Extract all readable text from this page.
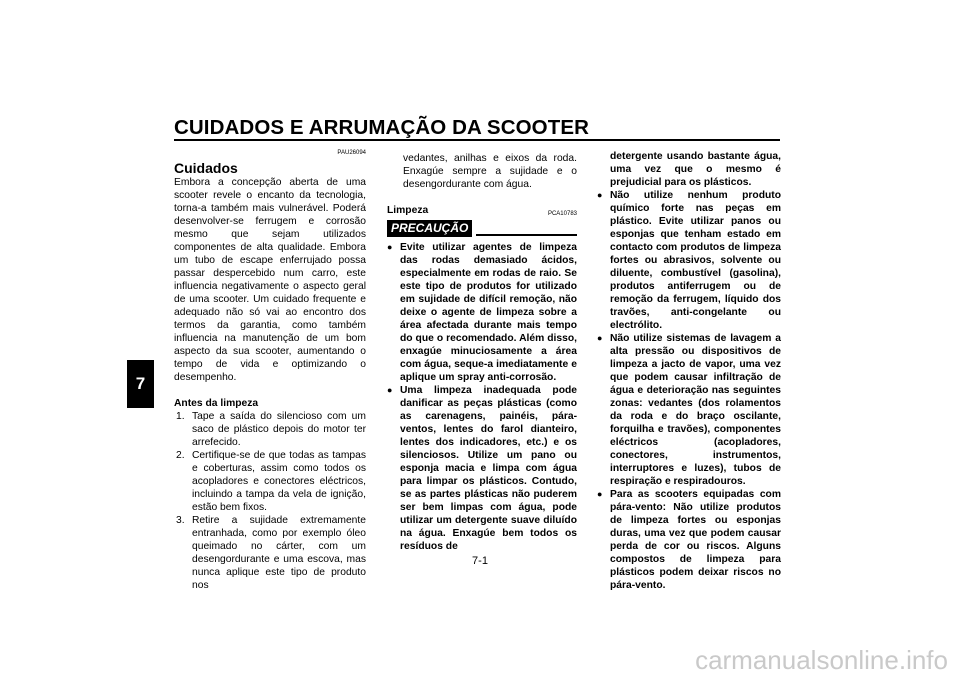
CUIDADOS E ARRUMAÇÃO DA SCOOTER
7
PAU26094
Cuidados

Embora a concepção aberta de uma scooter revele o encanto da tecnologia, torna-a também mais vulnerável. Poderá desenvolver-se ferrugem e corrosão mesmo que sejam utilizados componentes de alta qualidade. Embora um tubo de escape enferrujado possa passar despercebido num carro, este influencia negativamente o aspecto geral de uma scooter. Um cuidado frequente e adequado não só vai ao encontro dos termos da garantia, como também influencia na manutenção de um bom aspecto da sua scooter, aumentando o tempo de vida e optimizando o desempenho.

Antes da limpeza
1. Tape a saída do silencioso com um saco de plástico depois do motor ter arrefecido.
2. Certifique-se de que todas as tampas e coberturas, assim como todos os acopladores e conectores eléctricos, incluindo a tampa da vela de ignição, estão bem fixos.
3. Retire a sujidade extremamente entranhada, como por exemplo óleo queimado no cárter, com um desengordurante e uma escova, mas nunca aplique este tipo de produto nos

vedantes, anilhas e eixos da roda. Enxagúe sempre a sujidade e o desengordurante com água.

Limpeza	PCA10783
PRECAUÇÃO
● Evite utilizar agentes de limpeza das rodas demasiado ácidos, especialmente em rodas de raio. Se este tipo de produtos for utilizado em sujidade de difícil remoção, não deixe o agente de limpeza sobre a área afectada durante mais tempo do que o recomendado. Além disso, enxagúe minuciosamente a área com água, seque-a imediatamente e aplique um spray anti-corrosão.
● Uma limpeza inadequada pode danificar as peças plásticas (como as carenagens, painéis, pára-ventos, lentes do farol dianteiro, lentes dos indicadores, etc.) e os silenciosos. Utilize um pano ou esponja macia e limpa com água para limpar os plásticos. Contudo, se as partes plásticas não puderem ser bem limpas com água, pode utilizar um detergente suave diluído na água. Enxagúe bem todos os resíduos de

detergente usando bastante água, uma vez que o mesmo é prejudicial para os plásticos.

● Não utilize nenhum produto químico forte nas peças em plástico. Evite utilizar panos ou esponjas que tenham estado em contacto com produtos de limpeza fortes ou abrasivos, solvente ou diluente, combustível (gasolina), produtos antiferrugem ou de remoção da ferrugem, líquido dos travões, anti-congelante ou electrólito.
● Não utilize sistemas de lavagem a alta pressão ou dispositivos de limpeza a jacto de vapor, uma vez que podem causar infiltração de água e deterioração nas seguintes zonas: vedantes (dos rolamentos da roda e do braço oscilante, forquilha e travões), componentes eléctricos (acopladores, conectores, instrumentos, interruptores e luzes), tubos de respiração e respiradouros.
● Para as scooters equipadas com pára-vento: Não utilize produtos de limpeza fortes ou esponjas duras, uma vez que podem causar perda de cor ou riscos. Alguns compostos de limpeza para plásticos podem deixar riscos no pára-vento.
7-1
carmanualsonline.info
